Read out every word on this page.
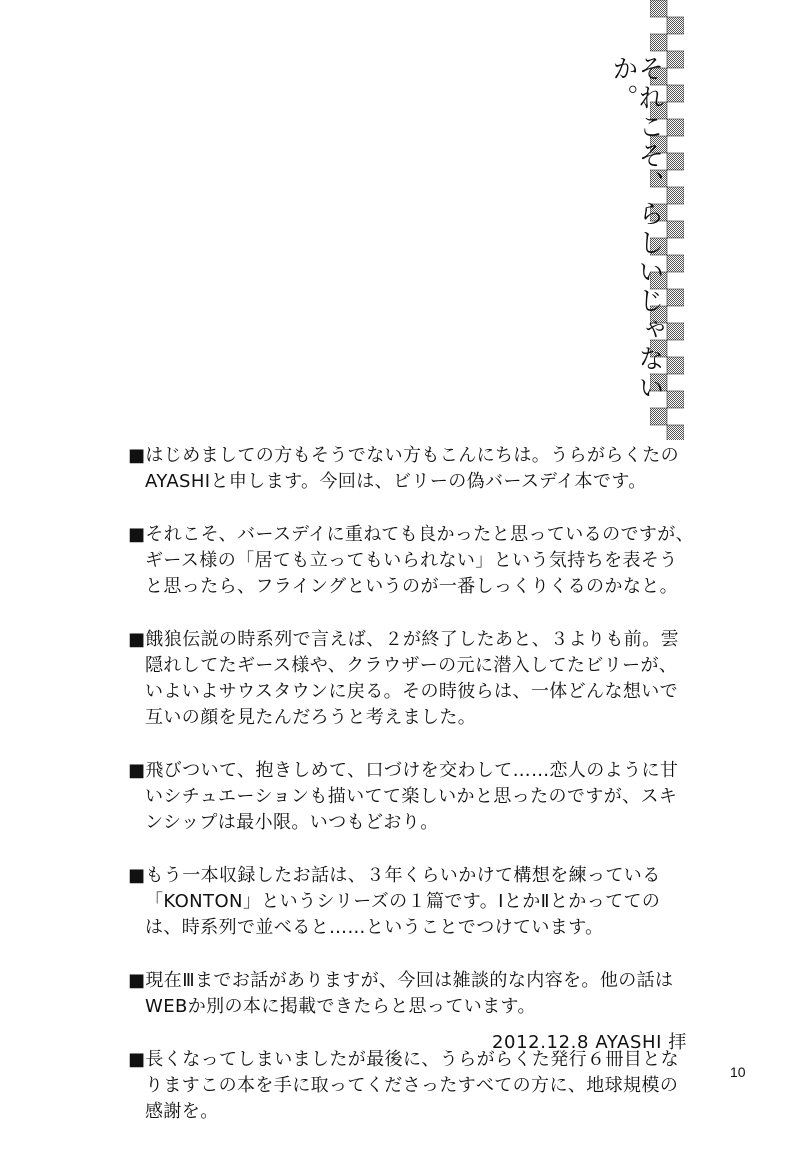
それこそ、らしいじゃないか。
■はじめましての方もそうでない方もこんにちは。うらがらくたの
AYASHIと申します。今回は、ビリーの偽バースデイ本です。
■それこそ、バースデイに重ねても良かったと思っているのですが、
ギース様の「居ても立ってもいられない」という気持ちを表そう
と思ったら、フライングというのが一番しっくりくるのかなと。
■餓狼伝説の時系列で言えば、２が終了したあと、３よりも前。雲
隠れしてたギース様や、クラウザーの元に潜入してたビリーが、
いよいよサウスタウンに戻る。その時彼らは、一体どんな想いで
互いの顔を見たんだろうと考えました。
■飛びついて、抱きしめて、口づけを交わして……恋人のように甘
いシチュエーションも描いてて楽しいかと思ったのですが、スキ
ンシップは最小限。いつもどおり。
■もう一本収録したお話は、３年くらいかけて構想を練っている
「KONTON」というシリーズの１篇です。ⅠとかⅡとかってての
は、時系列で並べると……ということでつけています。
■現在Ⅲまでお話がありますが、今回は雑談的な内容を。他の話は
WEBか別の本に掲載できたらと思っています。
■長くなってしまいましたが最後に、うらがらくた発行６冊目とな
りますこの本を手に取ってくださったすべての方に、地球規模の
感謝を。
2012.12.8 AYASHI 拝
10
